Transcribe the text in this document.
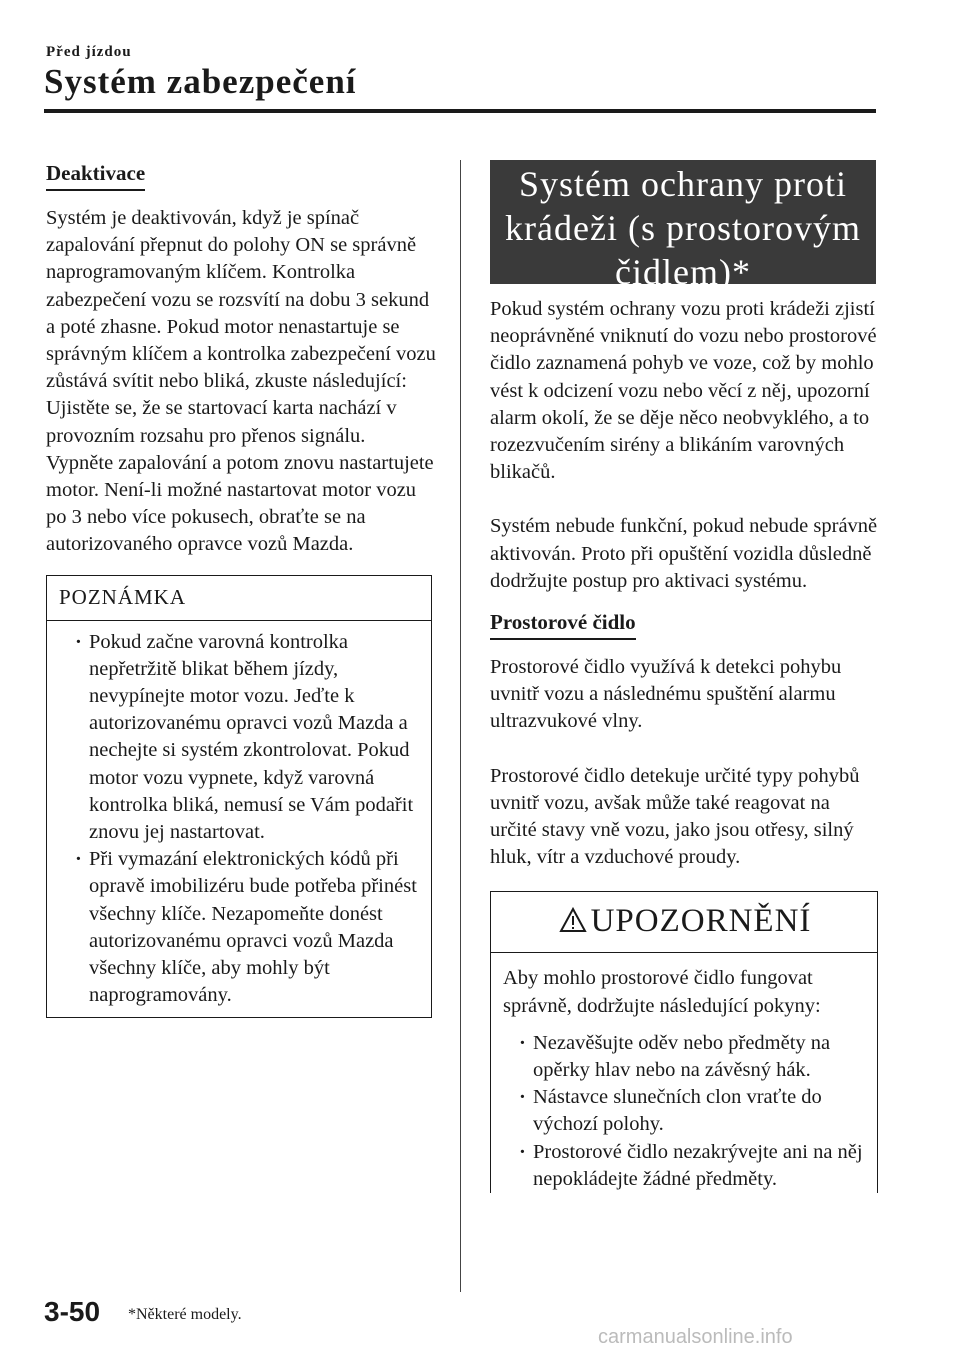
Před jízdou
Systém zabezpečení
Deaktivace

Systém je deaktivován, když je spínač zapalování přepnut do polohy ON se správně naprogramovaným klíčem. Kontrolka zabezpečení vozu se rozsvítí na dobu 3 sekund a poté zhasne. Pokud motor nenastartuje se správným klíčem a kontrolka zabezpečení vozu zůstává svítit nebo bliká, zkuste následující: Ujistěte se, že se startovací karta nachází v provozním rozsahu pro přenos signálu. Vypněte zapalování a potom znovu nastartujete motor. Není-li možné nastartovat motor vozu po 3 nebo více pokusech, obraťte se na autorizovaného opravce vozů Mazda.

POZNÁMKA
· Pokud začne varovná kontrolka nepřetržitě blikat během jízdy, nevypínejte motor vozu. Jeďte k autorizovanému opravci vozů Mazda a nechejte si systém zkontrolovat. Pokud motor vozu vypnete, když varovná kontrolka bliká, nemusí se Vám podařit znovu jej nastartovat.
· Při vymazání elektronických kódů při opravě imobilizéru bude potřeba přinést všechny klíče. Nezapomeňte donést autorizovanému opravci vozů Mazda všechny klíče, aby mohly být naprogramovány.
Systém ochrany proti krádeži (s prostorovým čidlem)*

Pokud systém ochrany vozu proti krádeži zjistí neoprávněné vniknutí do vozu nebo prostorové čidlo zaznamená pohyb ve voze, což by mohlo vést k odcizení vozu nebo věcí z něj, upozorní alarm okolí, že se děje něco neobvyklého, a to rozezvučením sirény a blikáním varovných blikačů.

Systém nebude funkční, pokud nebude správně aktivován. Proto při opuštění vozidla důsledně dodržujte postup pro aktivaci systému.

Prostorové čidlo

Prostorové čidlo využívá k detekci pohybu uvnitř vozu a následnému spuštění alarmu ultrazvukové vlny.

Prostorové čidlo detekuje určité typy pohybů uvnitř vozu, avšak může také reagovat na určité stavy vně vozu, jako jsou otřesy, silný hluk, vítr a vzduchové proudy.

UPOZORNĚNÍ

Aby mohlo prostorové čidlo fungovat správně, dodržujte následující pokyny:

· Nezavěšujte oděv nebo předměty na opěrky hlav nebo na závěsný hák.
· Nástavce slunečních clon vraťte do výchozí polohy.
· Prostorové čidlo nezakrývejte ani na něj nepokládejte žádné předměty.
3-50 *Některé modely.
carmanualsonline.info
